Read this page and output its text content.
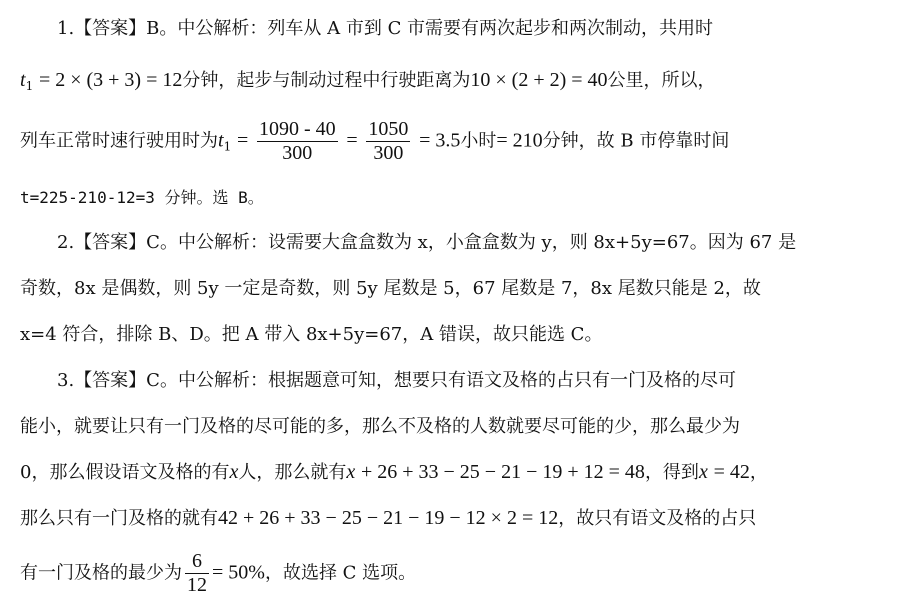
1.【答案】B。中公解析：列车从 A 市到 C 市需要有两次起步和两次制动，共用时
$t_1 = 2 \times (3 + 3) = 12$分钟，起步与制动过程中行驶距离为10 × (2 + 2) = 40公里，所以，
列车正常时速行驶用时为$t_1 = \frac{1090 - 40}{300} = \frac{1050}{300} = 3.5$小时= 210分钟，故 B 市停靠时间
t=225-210-12=3 分钟。选 B。
2.【答案】C。中公解析：设需要大盒盒数为 x，小盒盒数为 y，则 8x+5y=67。因为 67 是
奇数，8x 是偶数，则 5y 一定是奇数，则 5y 尾数是 5，67 尾数是 7，8x 尾数只能是 2，故
x=4 符合，排除 B、D。把 A 带入 8x+5y=67，A 错误，故只能选 C。
3.【答案】C。中公解析：根据题意可知，想要只有语文及格的占只有一门及格的尽可
能小，就要让只有一门及格的尽可能的多，那么不及格的人数就要尽可能的少，那么最少为
0，那么假设语文及格的有x人，那么就有x + 26 + 33 − 25 − 21 − 19 + 12 = 48，得到x = 42，
那么只有一门及格的就有42 + 26 + 33 − 25 − 21 − 19 − 12 × 2 = 12，故只有语文及格的占只
有一门及格的最少为 $\frac{6}{12} = 50\%$，故选择 C 选项。
